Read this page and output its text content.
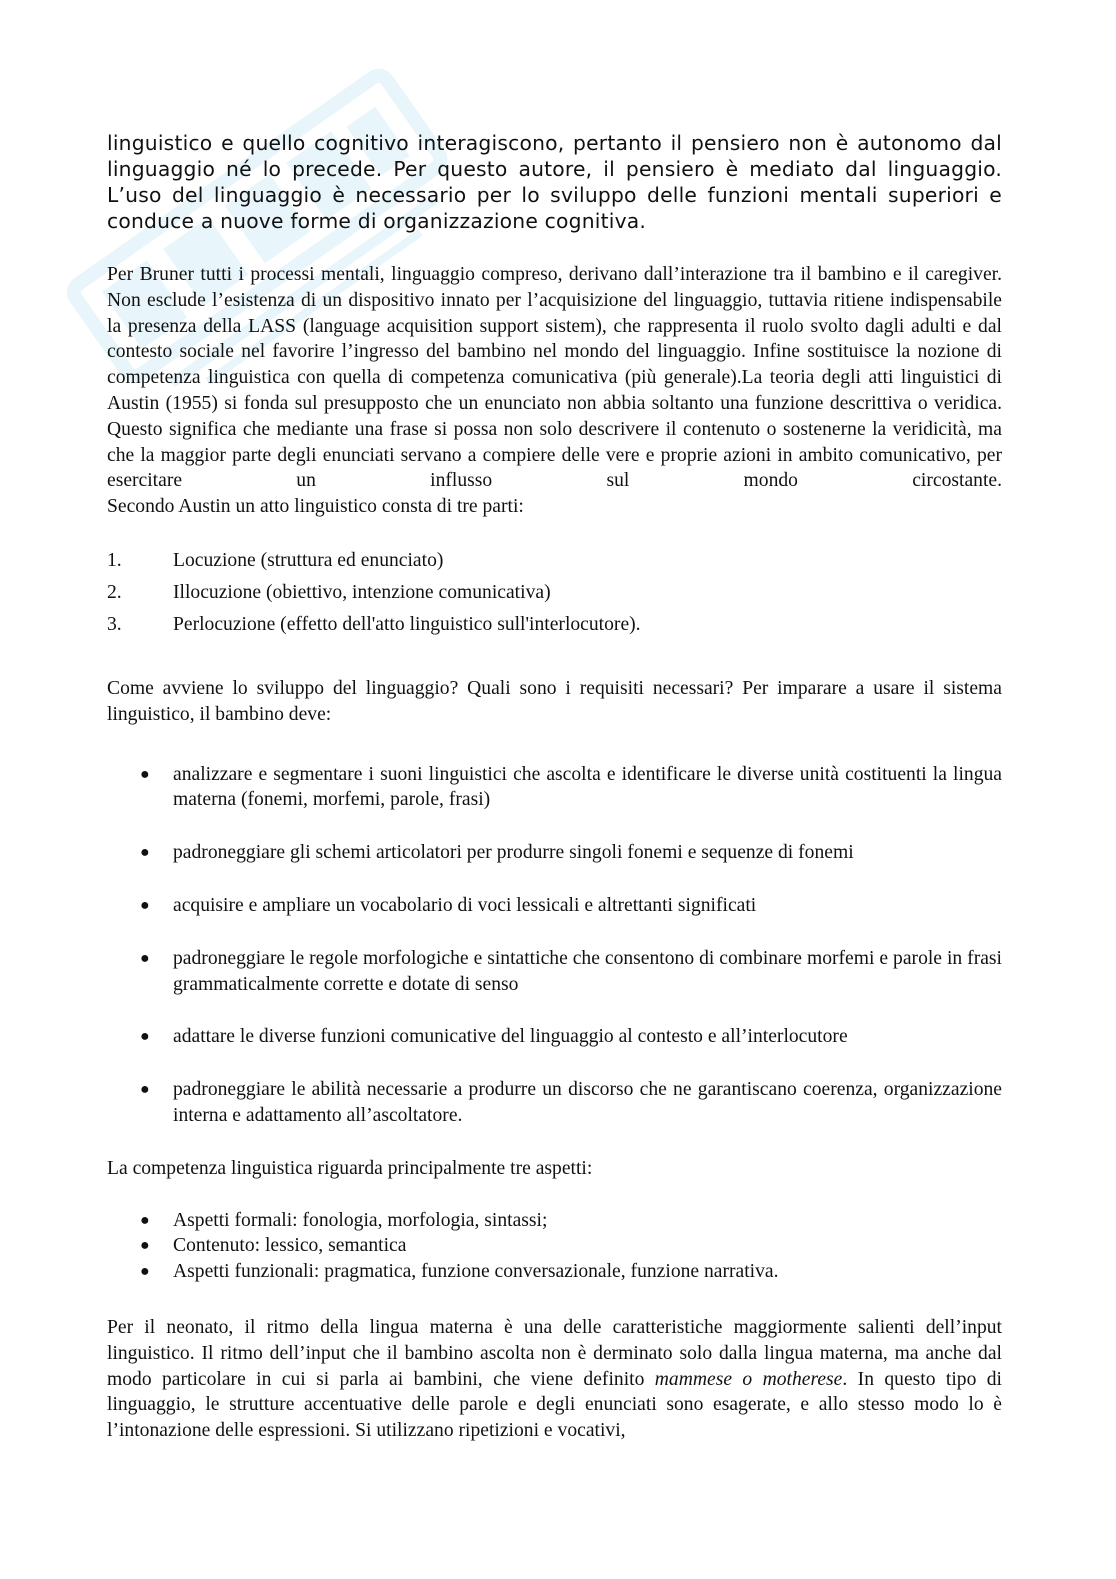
linguistico e quello cognitivo interagiscono, pertanto il pensiero non è autonomo dal linguaggio né lo precede. Per questo autore, il pensiero è mediato dal linguaggio. L’uso del linguaggio è necessario per lo sviluppo delle funzioni mentali superiori e conduce a nuove forme di organizzazione cognitiva.

Per Bruner tutti i processi mentali, linguaggio compreso, derivano dall’interazione tra il bambino e il caregiver. Non esclude l’esistenza di un dispositivo innato per l’acquisizione del linguaggio, tuttavia ritiene indispensabile la presenza della LASS (language acquisition support sistem), che rappresenta il ruolo svolto dagli adulti e dal contesto sociale nel favorire l’ingresso del bambino nel mondo del linguaggio. Infine sostituisce la nozione di competenza linguistica con quella di competenza comunicativa (più generale).La teoria degli atti linguistici di Austin (1955) si fonda sul presupposto che un enunciato non abbia soltanto una funzione descrittiva o veridica. Questo significa che mediante una frase si possa non solo descrivere il contenuto o sostenerne la veridicità, ma che la maggior parte degli enunciati servano a compiere delle vere e proprie azioni in ambito comunicativo, per esercitare un influsso sul mondo circostante.

Secondo Austin un atto linguistico consta di tre parti:

1.	Locuzione (struttura ed enunciato)
2.	Illocuzione (obiettivo, intenzione comunicativa)
3.	Perlocuzione (effetto dell'atto linguistico sull'interlocutore).

Come avviene lo sviluppo del linguaggio? Quali sono i requisiti necessari? Per imparare a usare il sistema linguistico, il bambino deve:

● analizzare e segmentare i suoni linguistici che ascolta e identificare le diverse unità costituenti la lingua materna (fonemi, morfemi, parole, frasi)
● padroneggiare gli schemi articolatori per produrre singoli fonemi e sequenze di fonemi
● acquisire e ampliare un vocabolario di voci lessicali e altrettanti significati
● padroneggiare le regole morfologiche e sintattiche che consentono di combinare morfemi e parole in frasi grammaticalmente corrette e dotate di senso
● adattare le diverse funzioni comunicative del linguaggio al contesto e all’interlocutore
● padroneggiare le abilità necessarie a produrre un discorso che ne garantiscano coerenza, organizzazione interna e adattamento all’ascoltatore.

La competenza linguistica riguarda principalmente tre aspetti:

● Aspetti formali: fonologia, morfologia, sintassi;
● Contenuto: lessico, semantica
● Aspetti funzionali: pragmatica, funzione conversazionale, funzione narrativa.

Per il neonato, il ritmo della lingua materna è una delle caratteristiche maggiormente salienti dell’input linguistico. Il ritmo dell’input che il bambino ascolta non è derminato solo dalla lingua materna, ma anche dal modo particolare in cui si parla ai bambini, che viene definito mammese o motherese. In questo tipo di linguaggio, le strutture accentuative delle parole e degli enunciati sono esagerate, e allo stesso modo lo è l’intonazione delle espressioni. Si utilizzano ripetizioni e vocativi,
